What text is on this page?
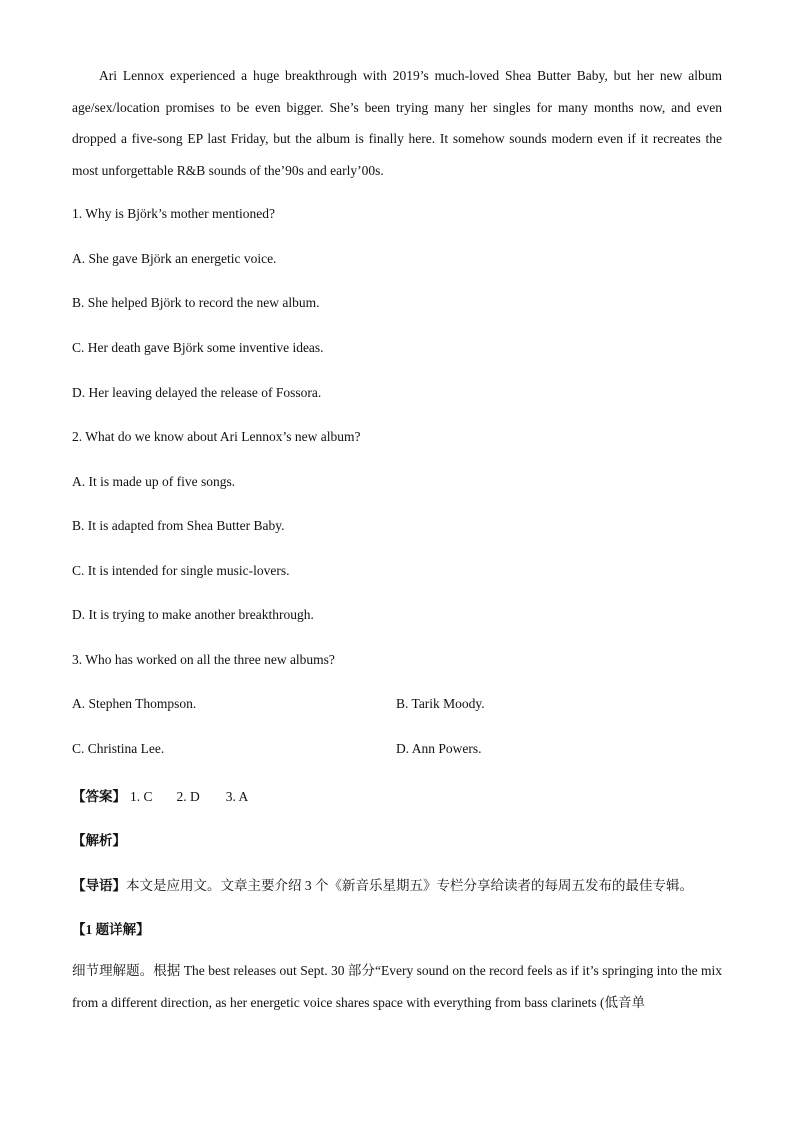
Ari Lennox experienced a huge breakthrough with 2019’s much-loved Shea Butter Baby, but her new album age/sex/location promises to be even bigger. She’s been trying many her singles for many months now, and even dropped a five-song EP last Friday, but the album is finally here. It somehow sounds modern even if it recreates the most unforgettable R&B sounds of the’90s and early’00s.

1. Why is Björk’s mother mentioned?

A. She gave Björk an energetic voice.

B. She helped Björk to record the new album.

C. Her death gave Björk some inventive ideas.

D. Her leaving delayed the release of Fossora.

2. What do we know about Ari Lennox’s new album?

A. It is made up of five songs.

B. It is adapted from Shea Butter Baby.

C. It is intended for single music-lovers.

D. It is trying to make another breakthrough.

3. Who has worked on all the three new albums?

A. Stephen Thompson.	B. Tarik Moody.

C. Christina Lee.	D. Ann Powers.

【答案】 1. C 2. D 3. A

【解析】

【导语】本文是应用文。文章主要介绍 3 个《新音乐星期五》专栏分享给读者的每周五发布的最佳专辑。

【1 题详解】

细节理解题。根据 The best releases out Sept. 30 部分“Every sound on the record feels as if it’s springing into the mix from a different direction, as her energetic voice shares space with everything from bass clarinets (低音单
